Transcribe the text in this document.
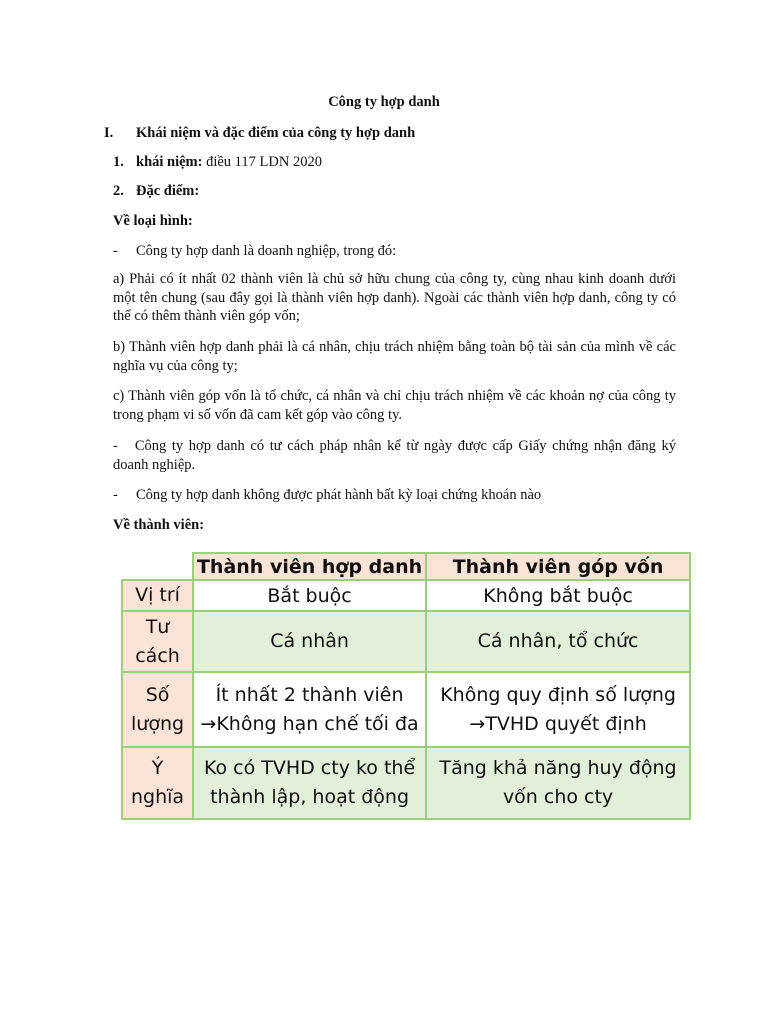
Công ty hợp danh
I. Khái niệm và đặc điểm của công ty hợp danh
1. khái niệm: điều 117 LDN 2020
2. Đặc điểm:
Về loại hình:
- Công ty hợp danh là doanh nghiệp, trong đó:
a) Phải có ít nhất 02 thành viên là chủ sở hữu chung của công ty, cùng nhau kinh doanh dưới một tên chung (sau đây gọi là thành viên hợp danh). Ngoài các thành viên hợp danh, công ty có thể có thêm thành viên góp vốn;
b) Thành viên hợp danh phải là cá nhân, chịu trách nhiệm bằng toàn bộ tài sản của mình về các nghĩa vụ của công ty;
c) Thành viên góp vốn là tổ chức, cá nhân và chỉ chịu trách nhiệm về các khoản nợ của công ty trong phạm vi số vốn đã cam kết góp vào công ty.
- Công ty hợp danh có tư cách pháp nhân kể từ ngày được cấp Giấy chứng nhận đăng ký doanh nghiệp.
- Công ty hợp danh không được phát hành bất kỳ loại chứng khoán nào
Về thành viên:
	Thành viên hợp danh	Thành viên góp vốn
Vị trí	Bắt buộc	Không bắt buộc
Tư cách	Cá nhân	Cá nhân, tổ chức
Số lượng	Ít nhất 2 thành viên →Không hạn chế tối đa	Không quy định số lượng →TVHD quyết định
Ý nghĩa	Ko có TVHD cty ko thể thành lập, hoạt động	Tăng khả năng huy động vốn cho cty
